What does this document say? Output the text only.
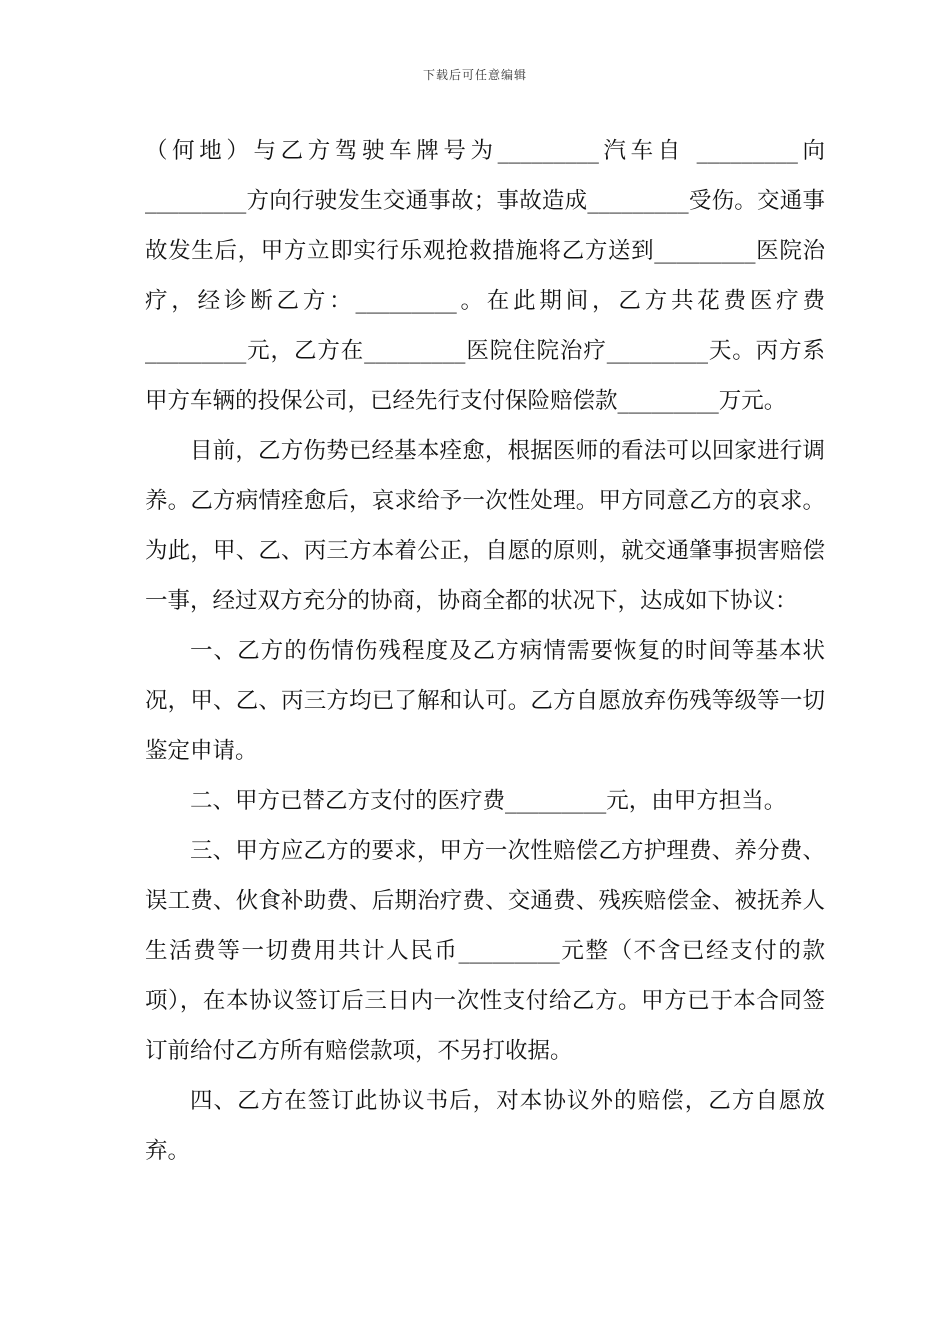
下载后可任意编辑

（何地）与乙方驾驶车牌号为_________汽车自 _________向_________方向行驶发生交通事故；事故造成_________受伤。交通事故发生后，甲方立即实行乐观抢救措施将乙方送到_________医院治疗，经诊断乙方：_________。在此期间，乙方共花费医疗费_________元，乙方在_________医院住院治疗_________天。丙方系甲方车辆的投保公司，已经先行支付保险赔偿款_________万元。

目前，乙方伤势已经基本痊愈，根据医师的看法可以回家进行调养。乙方病情痊愈后，哀求给予一次性处理。甲方同意乙方的哀求。为此，甲、乙、丙三方本着公正，自愿的原则，就交通肇事损害赔偿一事，经过双方充分的协商，协商全都的状况下，达成如下协议：

一、乙方的伤情伤残程度及乙方病情需要恢复的时间等基本状况，甲、乙、丙三方均已了解和认可。乙方自愿放弃伤残等级等一切鉴定申请。

二、甲方已替乙方支付的医疗费_________元，由甲方担当。

三、甲方应乙方的要求，甲方一次性赔偿乙方护理费、养分费、误工费、伙食补助费、后期治疗费、交通费、残疾赔偿金、被抚养人生活费等一切费用共计人民币_________元整（不含已经支付的款项），在本协议签订后三日内一次性支付给乙方。甲方已于本合同签订前给付乙方所有赔偿款项，不另打收据。

四、乙方在签订此协议书后，对本协议外的赔偿，乙方自愿放弃。
